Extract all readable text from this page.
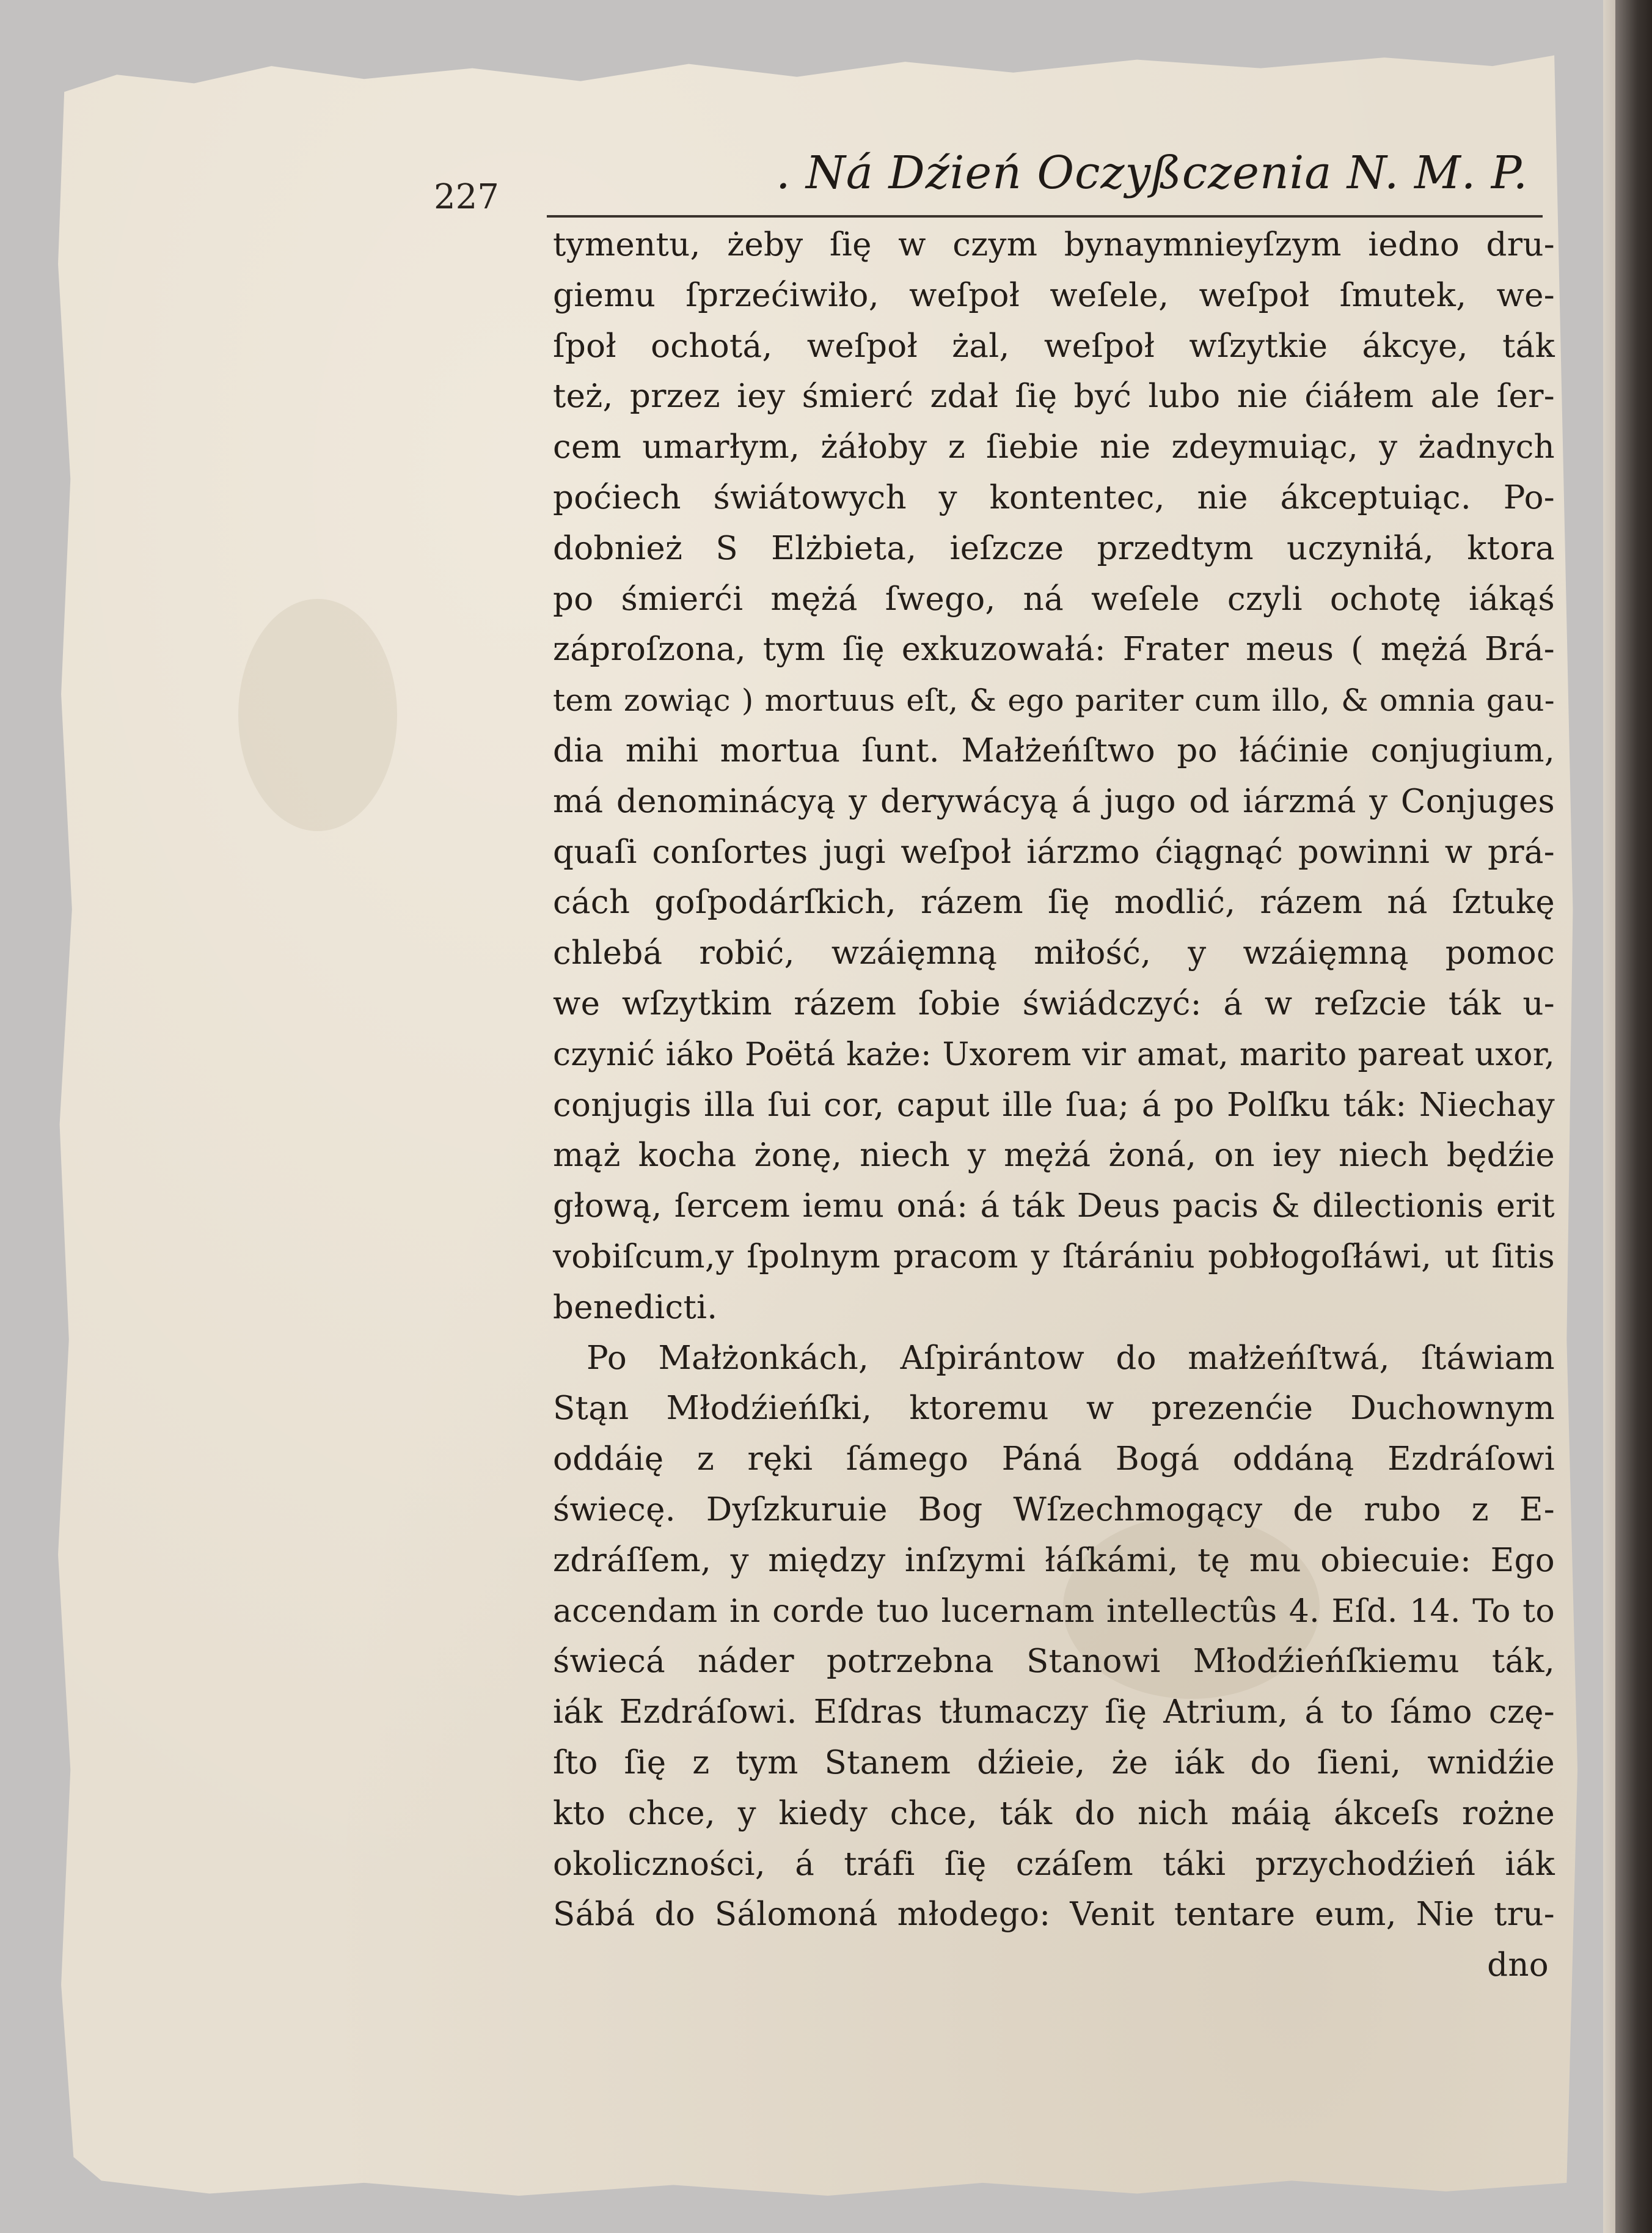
227	. Ná Dźień Oczyßczenia N. M. P.
tymentu, żeby ſię w czym bynaymnieyſzym iedno dru-
giemu ſprzećiwiło, weſpoł weſele, weſpoł ſmutek, we-
ſpoł ochotá, weſpoł żal, weſpoł wſzytkie ákcye, ták
też, przez iey śmierć zdał ſię być lubo nie ćiáłem ale ſer-
cem umarłym, żáłoby z ſiebie nie zdeymuiąc, y żadnych
poćiech świátowych y kontentec, nie ákceptuiąc. Po-
dobnież S Elżbieta, ieſzcze przedtym uczyniłá, ktora
po śmierći mężá ſwego, ná weſele czyli ochotę iákąś
záproſzona, tym ſię exkuzowałá: Frater meus ( mężá Brá-
tem zowiąc ) mortuus eſt, & ego pariter cum illo, & omnia gau-
dia mihi mortua ſunt. Małżeńſtwo po łáćinie conjugium,
má denominácyą y derywácyą á jugo od iárzmá y Conjuges
quaſi conſortes jugi weſpoł iárzmo ćiągnąć powinni w prá-
cách goſpodárſkich, rázem ſię modlić, rázem ná ſztukę
chlebá robić, wzáięmną miłość, y wzáięmną pomoc
we wſzytkim rázem ſobie świádczyć: á w reſzcie ták u-
czynić iáko Poëtá każe: Uxorem vir amat, marito pareat uxor,
conjugis illa ſui cor, caput ille ſua; á po Polſku ták: Niechay
mąż kocha żonę, niech y mężá żoná, on iey niech będźie
głową, ſercem iemu oná: á ták Deus pacis & dilectionis erit
vobiſcum,y ſpolnym pracom y ſtárániu pobłogoſłáwi, ut ſitis
benedicti.
Po Małżonkách, Aſpirántow do małżeńſtwá, ſtáwiam
Stąn Młodźieńſki, ktoremu w prezenćie Duchownym
oddáię z ręki ſámego Páná Bogá oddáną Ezdráſowi
świecę. Dyſzkuruie Bog Wſzechmogący de rubo z E-
zdráſſem, y między inſzymi łáſkámi, tę mu obiecuie: Ego
accendam in corde tuo lucernam intellectûs 4. Eſd. 14. To to
świecá náder potrzebna Stanowi Młodźieńſkiemu ták,
iák Ezdráſowi. Eſdras tłumaczy ſię Atrium, á to ſámo czę-
ſto ſię z tym Stanem dźieie, że iák do ſieni, wnidźie
kto chce, y kiedy chce, ták do nich máią ákceſs rożne
okoliczności, á tráfi ſię czáſem táki przychodźień iák
Sábá do Sálomoná młodego: Venit tentare eum, Nie tru-
dno
